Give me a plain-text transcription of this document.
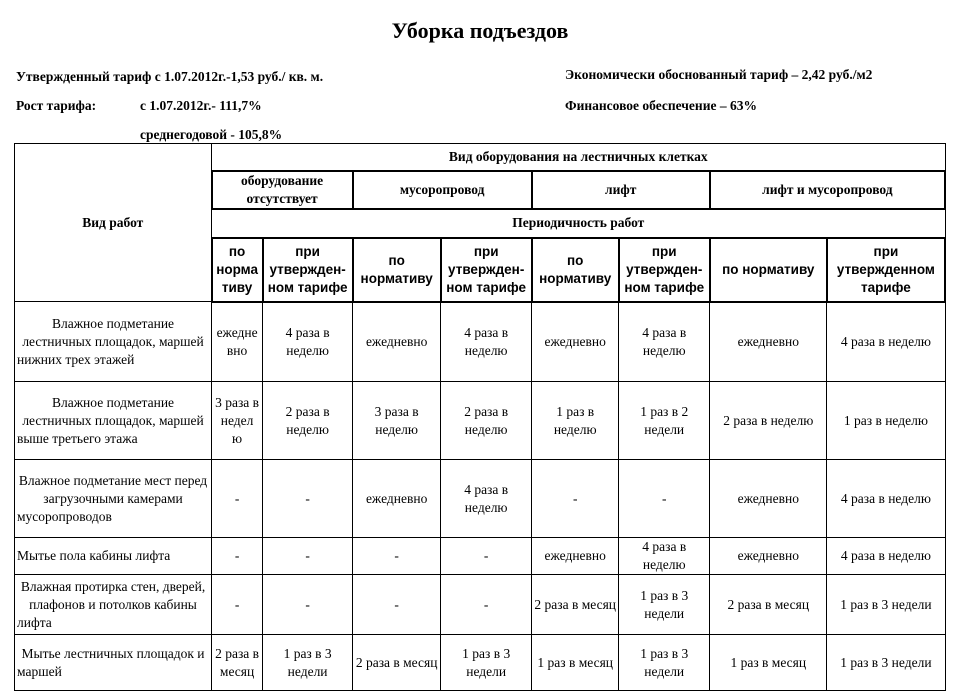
Уборка подъездов
Утвержденный тариф с 1.07.2012г.-1,53 руб./ кв. м.
Рост тарифа:	с 1.07.2012г.- 111,7%
среднегодовой - 105,8%
Экономически обоснованный тариф – 2,42 руб./м2
Финансовое обеспечение – 63%
Вид работ	Вид оборудования на лестничных клетках							
	оборудование отсутствует		мусоропровод		лифт		лифт и мусоропровод	
	Периодичность работ							
	по норма тиву	при утвержден-ном тарифе	по нормативу	при утвержден-ном тарифе	по нормативу	при утвержден-ном тарифе	по нормативу	при утвержденном тарифе
Влажное подметание лестничных площадок, маршей нижних трех этажей	ежедне вно	4 раза в неделю	ежедневно	4 раза в неделю	ежедневно	4 раза в неделю	ежедневно	4 раза в неделю
Влажное подметание лестничных площадок, маршей выше третьего этажа	3 раза в недел ю	2 раза в неделю	3 раза в неделю	2 раза в неделю	1 раз в неделю	1 раз в 2 недели	2 раза в неделю	1 раз в неделю
Влажное подметание мест перед загрузочными камерами мусоропроводов	-	-	ежедневно	4 раза в неделю	-	-	ежедневно	4 раза в неделю
Мытье пола кабины лифта	-	-	-	-	ежедневно	4 раза в неделю	ежедневно	4 раза в неделю
Влажная протирка стен, дверей, плафонов и потолков кабины лифта	-	-	-	-	2 раза в месяц	1 раз в 3 недели	2 раза в месяц	1 раз в 3 недели
Мытье лестничных площадок и маршей	2 раза в месяц	1 раз в 3 недели	2 раза в месяц	1 раз в 3 недели	1 раз в месяц	1 раз в 3 недели	1 раз в месяц	1 раз в 3 недели
